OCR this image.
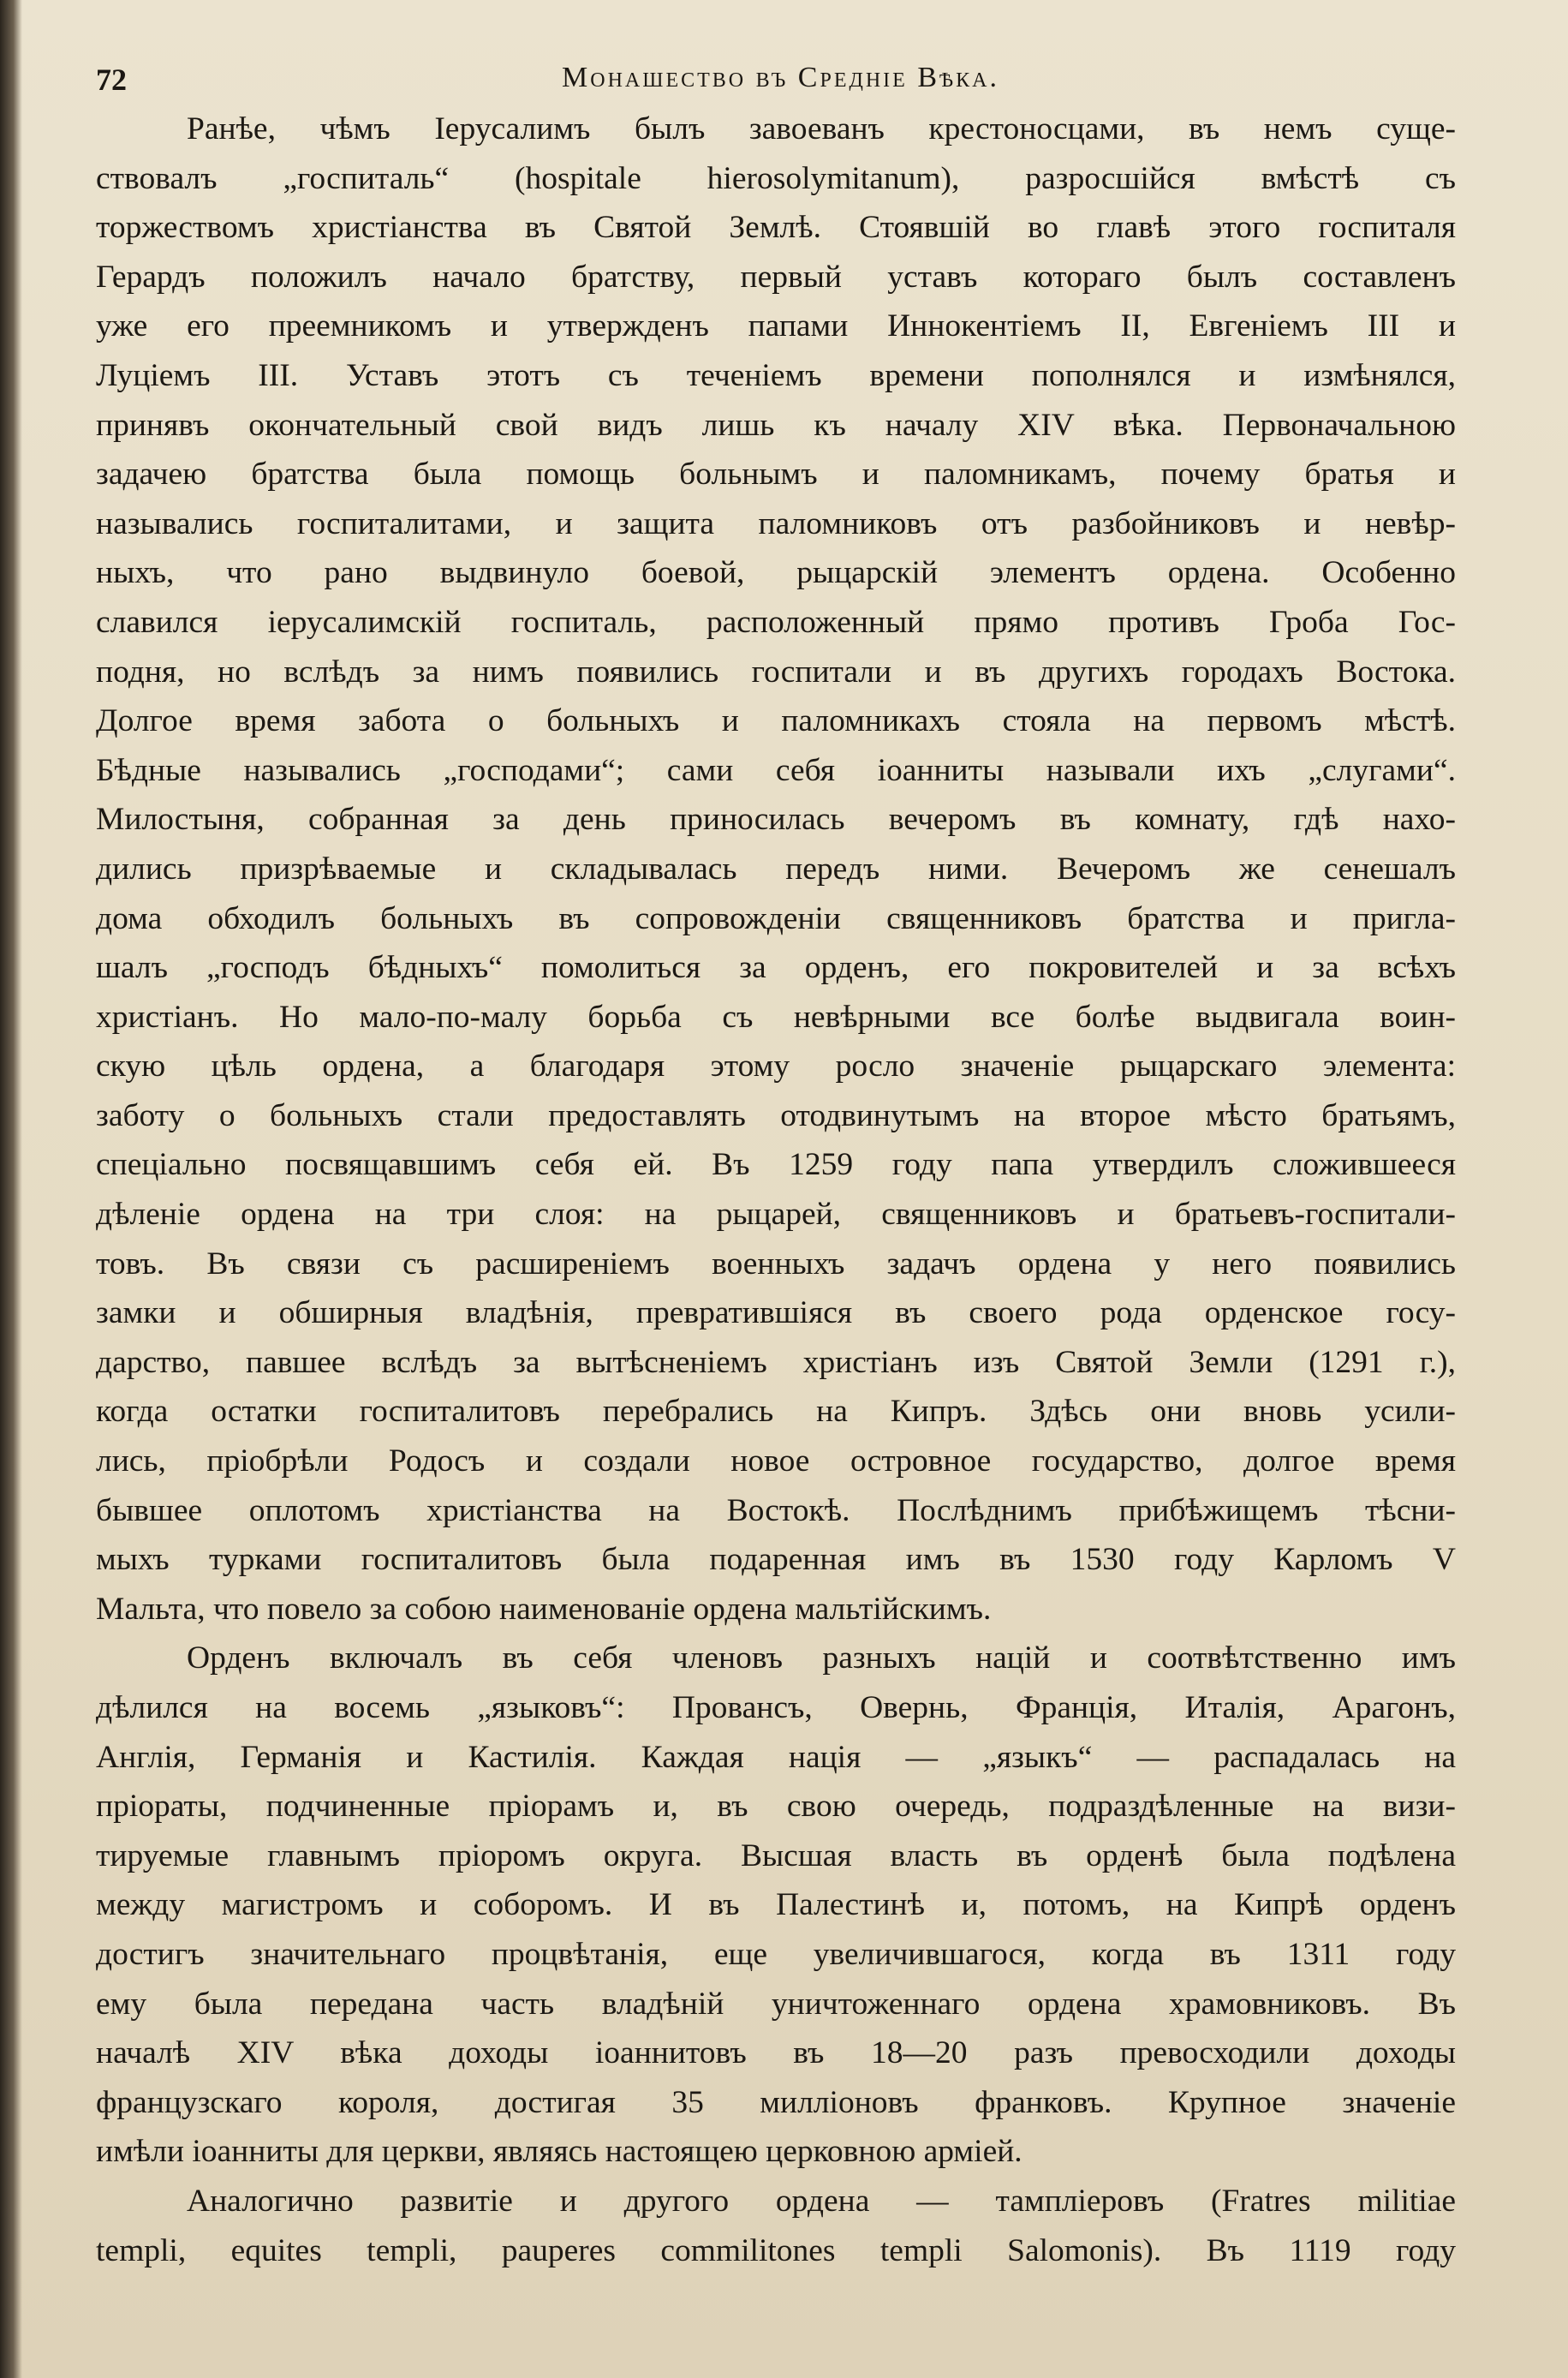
72	Монашество въ Средніе Вѣка.
Ранѣе, чѣмъ Іерусалимъ былъ завоеванъ крестоносцами, въ немъ суще-
ствовалъ „госпиталь“ (hospitale hierosolymitanum), разросшійся вмѣстѣ съ
торжествомъ христіанства въ Святой Землѣ. Стоявшій во главѣ этого госпиталя
Герардъ положилъ начало братству, первый уставъ котораго былъ составленъ
уже его преемникомъ и утвержденъ папами Иннокентіемъ II, Евгеніемъ III и
Луціемъ III. Уставъ этотъ съ теченіемъ времени пополнялся и измѣнялся,
принявъ окончательный свой видъ лишь къ началу XIV вѣка. Первоначальною
задачею братства была помощь больнымъ и паломникамъ, почему братья и
назывались госпиталитами, и защита паломниковъ отъ разбойниковъ и невѣр-
ныхъ, что рано выдвинуло боевой, рыцарскій элементъ ордена. Особенно
славился іерусалимскій госпиталь, расположенный прямо противъ Гроба Гос-
подня, но вслѣдъ за нимъ появились госпитали и въ другихъ городахъ Востока.
Долгое время забота о больныхъ и паломникахъ стояла на первомъ мѣстѣ.
Бѣдные назывались „господами“; сами себя іоанниты называли ихъ „слугами“.
Милостыня, собранная за день приносилась вечеромъ въ комнату, гдѣ нахо-
дились призрѣваемые и складывалась передъ ними. Вечеромъ же сенешалъ
дома обходилъ больныхъ въ сопровожденіи священниковъ братства и пригла-
шалъ „господъ бѣдныхъ“ помолиться за орденъ, его покровителей и за всѣхъ
христіанъ. Но мало-по-малу борьба съ невѣрными все болѣе выдвигала воин-
скую цѣль ордена, а благодаря этому росло значеніе рыцарскаго элемента:
заботу о больныхъ стали предоставлять отодвинутымъ на второе мѣсто братьямъ,
спеціально посвящавшимъ себя ей. Въ 1259 году папа утвердилъ сложившееся
дѣленіе ордена на три слоя: на рыцарей, священниковъ и братьевъ-госпитали-
товъ. Въ связи съ расширеніемъ военныхъ задачъ ордена у него появились
замки и обширныя владѣнія, превратившіяся въ своего рода орденское госу-
дарство, павшее вслѣдъ за вытѣсненіемъ христіанъ изъ Святой Земли (1291 г.),
когда остатки госпиталитовъ перебрались на Кипръ. Здѣсь они вновь усили-
лись, пріобрѣли Родосъ и создали новое островное государство, долгое время
бывшее оплотомъ христіанства на Востокѣ. Послѣднимъ прибѣжищемъ тѣсни-
мыхъ турками госпиталитовъ была подаренная имъ въ 1530 году Карломъ V
Мальта, что повело за собою наименованіе ордена мальтійскимъ.
Орденъ включалъ въ себя членовъ разныхъ націй и соотвѣтственно имъ
дѣлился на восемь „языковъ“: Провансъ, Овернь, Франція, Италія, Арагонъ,
Англія, Германія и Кастилія. Каждая нація — „языкъ“ — распадалась на
пріораты, подчиненные пріорамъ и, въ свою очередь, подраздѣленные на визи-
тируемые главнымъ пріоромъ округа. Высшая власть въ орденѣ была подѣлена
между магистромъ и соборомъ. И въ Палестинѣ и, потомъ, на Кипрѣ орденъ
достигъ значительнаго процвѣтанія, еще увеличившагося, когда въ 1311 году
ему была передана часть владѣній уничтоженнаго ордена храмовниковъ. Въ
началѣ XIV вѣка доходы іоаннитовъ въ 18—20 разъ превосходили доходы
французскаго короля, достигая 35 милліоновъ франковъ. Крупное значеніе
имѣли іоанниты для церкви, являясь настоящею церковною арміей.
Аналогично развитіе и другого ордена — тампліеровъ (Fratres militiae
templi, equites templi, pauperes commilitones templi Salomonis). Въ 1119 году
